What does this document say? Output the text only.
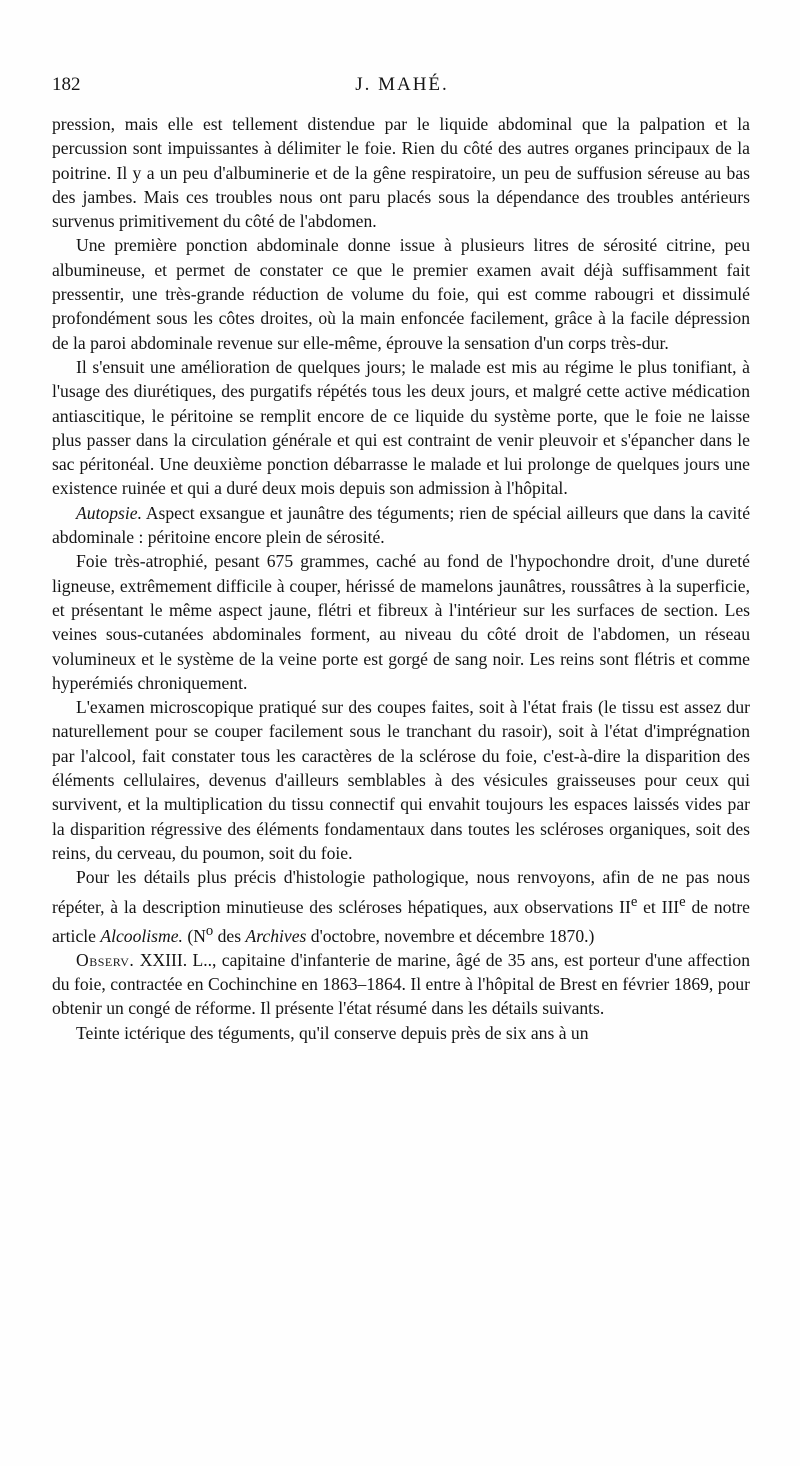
182	J. MAHÉ.

pression, mais elle est tellement distendue par le liquide abdominal que la palpation et la percussion sont impuissantes à délimiter le foie. Rien du côté des autres organes principaux de la poitrine. Il y a un peu d'albuminerie et de la gêne respiratoire, un peu de suffusion séreuse au bas des jambes. Mais ces troubles nous ont paru placés sous la dépendance des troubles antérieurs survenus primitivement du côté de l'abdomen.

Une première ponction abdominale donne issue à plusieurs litres de sérosité citrine, peu albumineuse, et permet de constater ce que le premier examen avait déjà suffisamment fait pressentir, une très-grande réduction de volume du foie, qui est comme rabougri et dissimulé profondément sous les côtes droites, où la main enfoncée facilement, grâce à la facile dépression de la paroi abdominale revenue sur elle-même, éprouve la sensation d'un corps très-dur.

Il s'ensuit une amélioration de quelques jours; le malade est mis au régime le plus tonifiant, à l'usage des diurétiques, des purgatifs répétés tous les deux jours, et malgré cette active médication antiascitique, le péritoine se remplit encore de ce liquide du système porte, que le foie ne laisse plus passer dans la circulation générale et qui est contraint de venir pleuvoir et s'épancher dans le sac péritonéal. Une deuxième ponction débarrasse le malade et lui prolonge de quelques jours une existence ruinée et qui a duré deux mois depuis son admission à l'hôpital.

Autopsie. Aspect exsangue et jaunâtre des téguments; rien de spécial ailleurs que dans la cavité abdominale : péritoine encore plein de sérosité.

Foie très-atrophié, pesant 675 grammes, caché au fond de l'hypochondre droit, d'une dureté ligneuse, extrêmement difficile à couper, hérissé de mamelons jaunâtres, roussâtres à la superficie, et présentant le même aspect jaune, flétri et fibreux à l'intérieur sur les surfaces de section. Les veines sous-cutanées abdominales forment, au niveau du côté droit de l'abdomen, un réseau volumineux et le système de la veine porte est gorgé de sang noir. Les reins sont flétris et comme hyperémiés chroniquement.

L'examen microscopique pratiqué sur des coupes faites, soit à l'état frais (le tissu est assez dur naturellement pour se couper facilement sous le tranchant du rasoir), soit à l'état d'imprégnation par l'alcool, fait constater tous les caractères de la sclérose du foie, c'est-à-dire la disparition des éléments cellulaires, devenus d'ailleurs semblables à des vésicules graisseuses pour ceux qui survivent, et la multiplication du tissu connectif qui envahit toujours les espaces laissés vides par la disparition régressive des éléments fondamentaux dans toutes les scléroses organiques, soit des reins, du cerveau, du poumon, soit du foie.

Pour les détails plus précis d'histologie pathologique, nous renvoyons, afin de ne pas nous répéter, à la description minutieuse des scléroses hépatiques, aux observations IIe et IIIe de notre article Alcoolisme. ($N^o$ des Archives d'octobre, novembre et décembre 1870.)

Observ. XXIII. L.., capitaine d'infanterie de marine, âgé de 35 ans, est porteur d'une affection du foie, contractée en Cochinchine en 1863–1864. Il entre à l'hôpital de Brest en février 1869, pour obtenir un congé de réforme. Il présente l'état résumé dans les détails suivants.

Teinte ictérique des téguments, qu'il conserve depuis près de six ans à un
